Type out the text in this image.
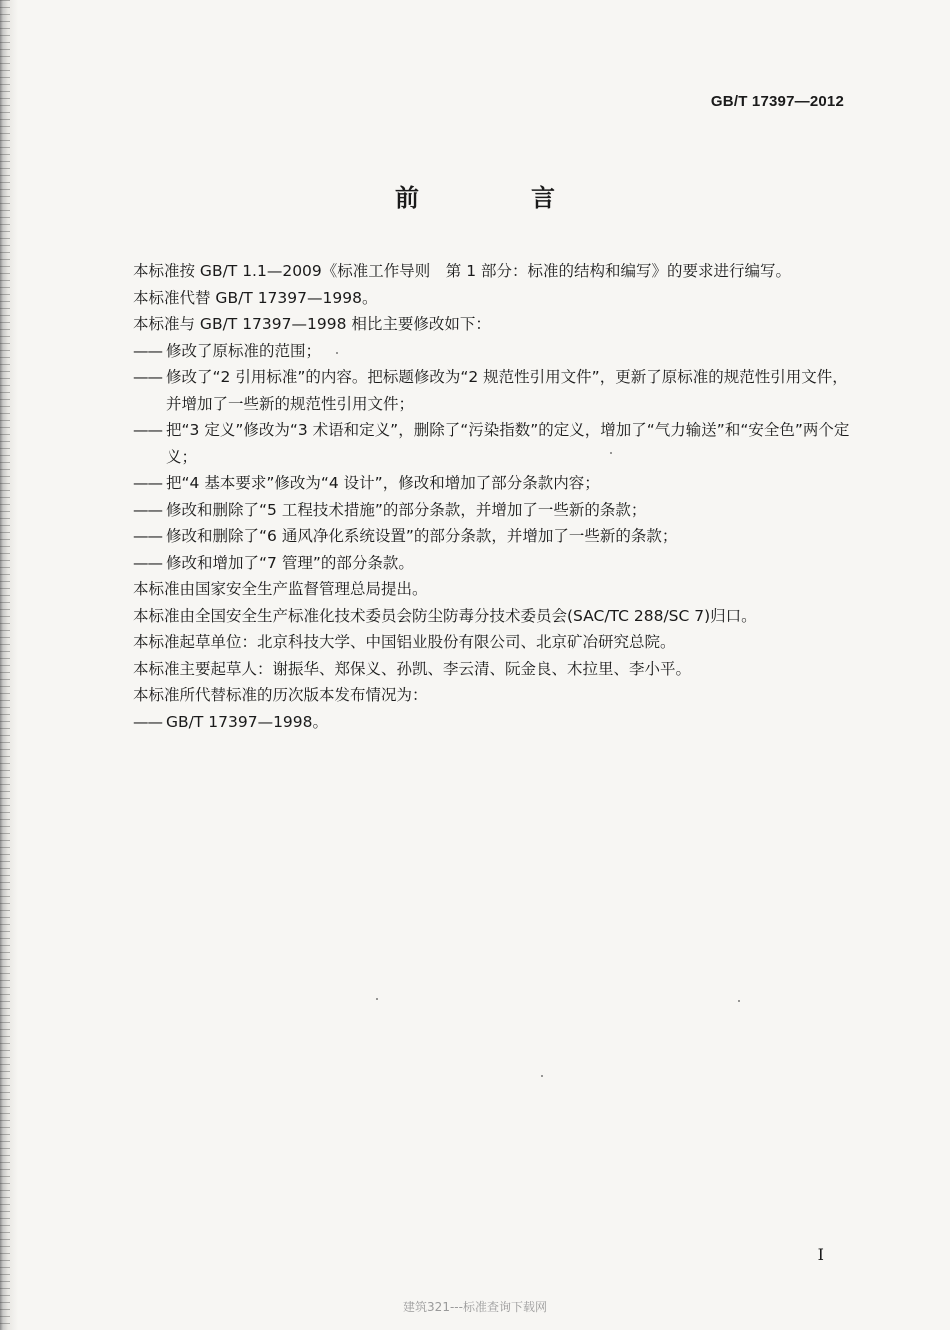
GB/T 17397—2012
前　言

本标准按 GB/T 1.1—2009《标准工作导则　第 1 部分：标准的结构和编写》的要求进行编写。

本标准代替 GB/T 17397—1998。

本标准与 GB/T 17397—1998 相比主要修改如下：

—— 修改了原标准的范围；

—— 修改了“2 引用标准”的内容。把标题修改为“2 规范性引用文件”，更新了原标准的规范性引用文件，并增加了一些新的规范性引用文件；

—— 把“3 定义”修改为“3 术语和定义”，删除了“污染指数”的定义，增加了“气力输送”和“安全色”两个定义；

—— 把“4 基本要求”修改为“4 设计”，修改和增加了部分条款内容；

—— 修改和删除了“5 工程技术措施”的部分条款，并增加了一些新的条款；

—— 修改和删除了“6 通风净化系统设置”的部分条款，并增加了一些新的条款；

—— 修改和增加了“7 管理”的部分条款。

本标准由国家安全生产监督管理总局提出。

本标准由全国安全生产标准化技术委员会防尘防毒分技术委员会(SAC/TC 288/SC 7)归口。

本标准起草单位：北京科技大学、中国铝业股份有限公司、北京矿冶研究总院。

本标准主要起草人：谢振华、郑保义、孙凯、李云清、阮金良、木拉里、李小平。

本标准所代替标准的历次版本发布情况为：

—— GB/T 17397—1998。

I
建筑321---标准查询下载网
